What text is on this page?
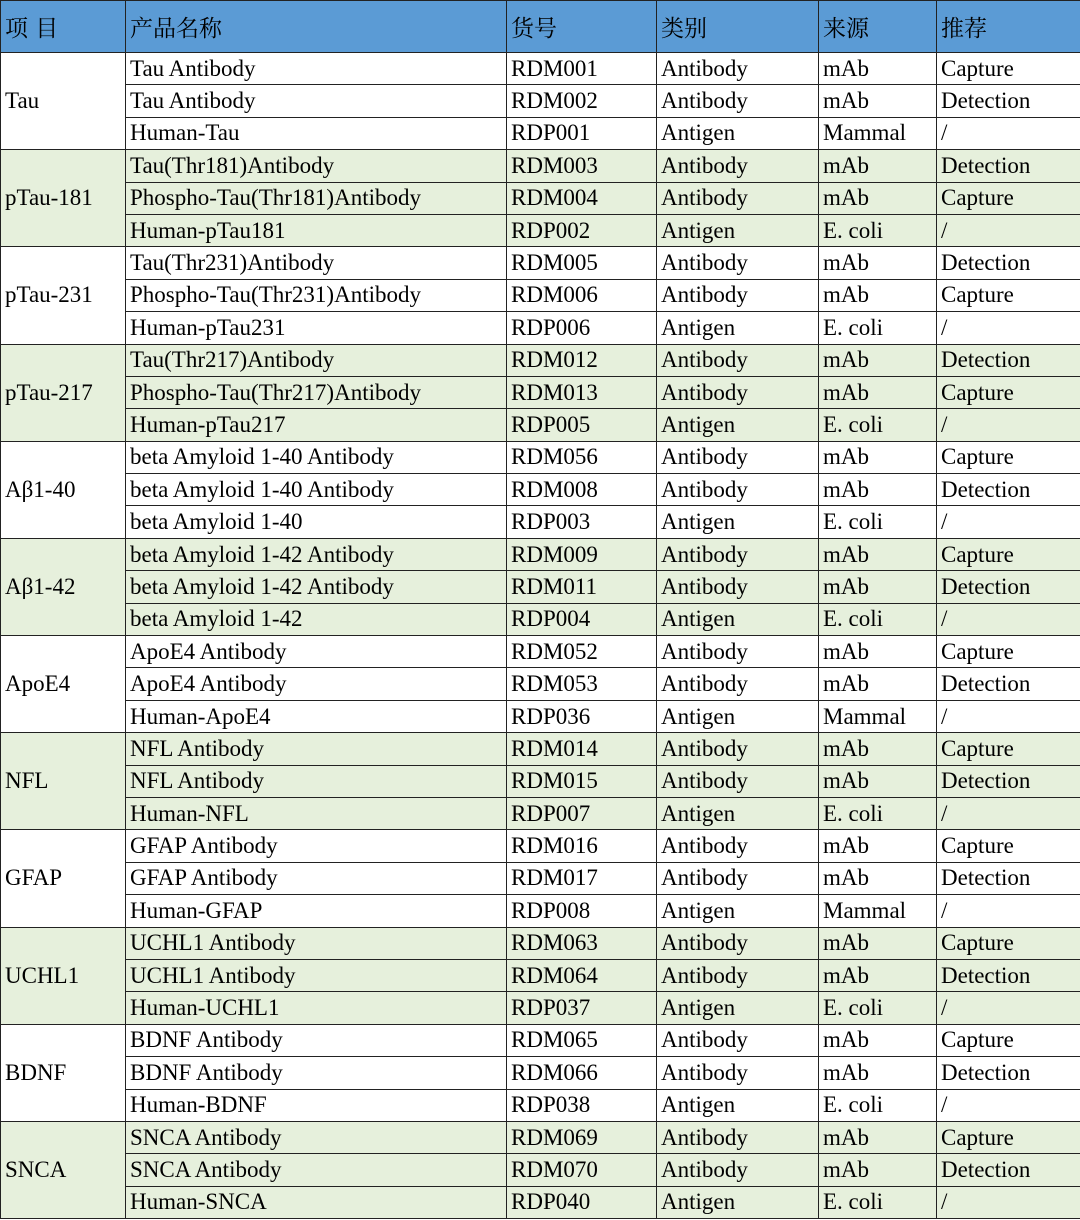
项 目	产品名称	货号	类别	来源	推荐
Tau	Tau Antibody	RDM001	Antibody	mAb	Capture
	Tau Antibody	RDM002	Antibody	mAb	Detection
	Human-Tau	RDP001	Antigen	Mammal	/
pTau-181	Tau(Thr181)Antibody	RDM003	Antibody	mAb	Detection
	Phospho-Tau(Thr181)Antibody	RDM004	Antibody	mAb	Capture
	Human-pTau181	RDP002	Antigen	E. coli	/
pTau-231	Tau(Thr231)Antibody	RDM005	Antibody	mAb	Detection
	Phospho-Tau(Thr231)Antibody	RDM006	Antibody	mAb	Capture
	Human-pTau231	RDP006	Antigen	E. coli	/
pTau-217	Tau(Thr217)Antibody	RDM012	Antibody	mAb	Detection
	Phospho-Tau(Thr217)Antibody	RDM013	Antibody	mAb	Capture
	Human-pTau217	RDP005	Antigen	E. coli	/
Aβ1-40	beta Amyloid 1-40 Antibody	RDM056	Antibody	mAb	Capture
	beta Amyloid 1-40 Antibody	RDM008	Antibody	mAb	Detection
	beta Amyloid 1-40	RDP003	Antigen	E. coli	/
Aβ1-42	beta Amyloid 1-42 Antibody	RDM009	Antibody	mAb	Capture
	beta Amyloid 1-42 Antibody	RDM011	Antibody	mAb	Detection
	beta Amyloid 1-42	RDP004	Antigen	E. coli	/
ApoE4	ApoE4 Antibody	RDM052	Antibody	mAb	Capture
	ApoE4 Antibody	RDM053	Antibody	mAb	Detection
	Human-ApoE4	RDP036	Antigen	Mammal	/
NFL	NFL Antibody	RDM014	Antibody	mAb	Capture
	NFL Antibody	RDM015	Antibody	mAb	Detection
	Human-NFL	RDP007	Antigen	E. coli	/
GFAP	GFAP Antibody	RDM016	Antibody	mAb	Capture
	GFAP Antibody	RDM017	Antibody	mAb	Detection
	Human-GFAP	RDP008	Antigen	Mammal	/
UCHL1	UCHL1 Antibody	RDM063	Antibody	mAb	Capture
	UCHL1 Antibody	RDM064	Antibody	mAb	Detection
	Human-UCHL1	RDP037	Antigen	E. coli	/
BDNF	BDNF Antibody	RDM065	Antibody	mAb	Capture
	BDNF Antibody	RDM066	Antibody	mAb	Detection
	Human-BDNF	RDP038	Antigen	E. coli	/
SNCA	SNCA Antibody	RDM069	Antibody	mAb	Capture
	SNCA Antibody	RDM070	Antibody	mAb	Detection
	Human-SNCA	RDP040	Antigen	E. coli	/
